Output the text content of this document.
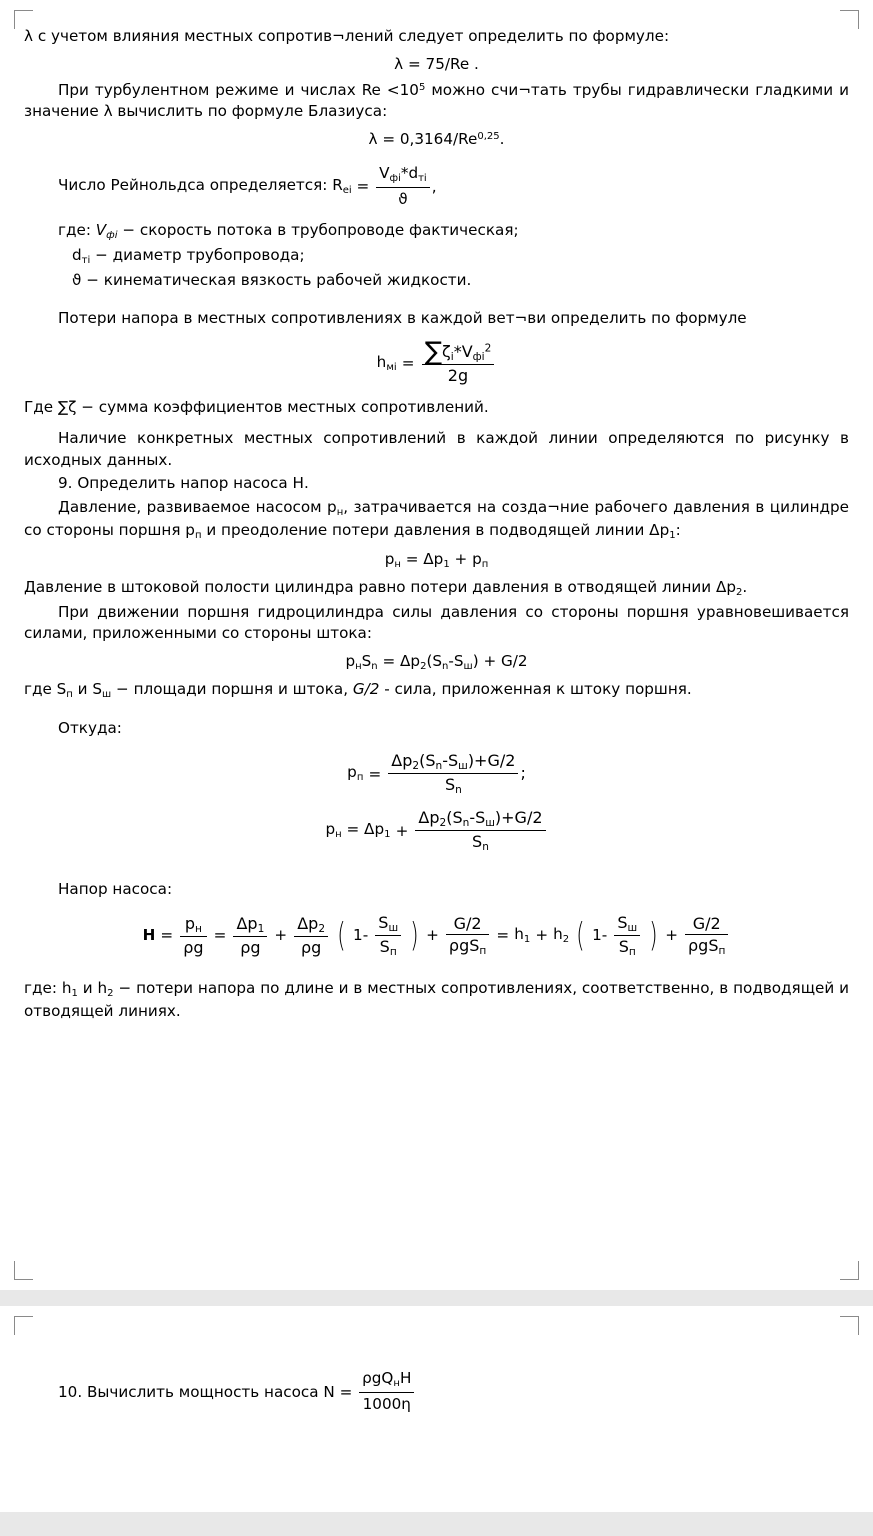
λ с учетом влияния местных сопротив¬лений следует определить по формуле:

λ = 75/Re .

При турбулентном режиме и числах $Re <10^5$ можно счи¬тать трубы гидравлически гладкими и значение λ вычислить по формуле Блазиуса:

λ = 0,3164/Re$^{0,25}$.

Число Рейнольдса определяется: $R_{ei} = \frac{V_{фi}*d_{тi}}{ϑ}$ ,

где: $V_{фi}$ − скорость потока в трубопроводе фактическая;

$d_{тi}$ − диаметр трубопровода;

ϑ − кинематическая вязкость рабочей жидкости.

Потери напора в местных сопротивлениях в каждой вет¬ви определить по формуле

$h_{мi} = \frac{\sum\zeta_i*V_{фi}^2}{2g}$

Где ∑ζ − сумма коэффициентов местных сопротивлений.

Наличие конкретных местных сопротивлений в каждой линии определяются по рисунку в исходных данных.

9. Определить напор насоса Н.

Давление, развиваемое насосом $р_н$, затрачивается на созда¬ние рабочего давления в цилиндре со стороны поршня $р_п$ и преодоление потери давления в подводящей линии $\Delta р_1$:

$р_н = \Delta р_1 + р_п$

Давление в штоковой полости цилиндра равно потери давления в отводящей линии $\Delta р_2$.

При движении поршня гидроцилиндра силы давления со стороны поршня уравновешивается силами, приложенными со стороны штока:

$р_нS_n = \Delta р_2(S_n-S_ш) + G/2$

где $S_п$ и $S_ш$ − площади поршня и штока, G/2 - сила, приложенная к штоку поршня.

Откуда:

$р_п = \frac{\Delta p_2(S_n-S_ш)+G/2}{S_n}$ ;
$р_н = \Delta р_1 + \frac{\Delta p_2(S_n-S_ш)+G/2}{S_n}$

Напор насоса:

$H = \frac{р_н}{\rho g} = \frac{\Delta p_1}{\rho g} + \frac{\Delta p_2}{\rho g}$ ( $1- \frac{S_ш}{S_п}$ ) + $\frac{G/2}{\rho gS_п} = h_1 + h_2$ ( $1- \frac{S_ш}{S_п}$ ) + $\frac{G/2}{\rho gS_п}$

где: $h_1$ и $h_2$ − потери напора по длине и в местных сопротивлениях, соответственно, в подводящей и отводящей линиях.

10. Вычислить мощность насоса $N = \frac{\rho gQ_нH}{1000\eta}$
